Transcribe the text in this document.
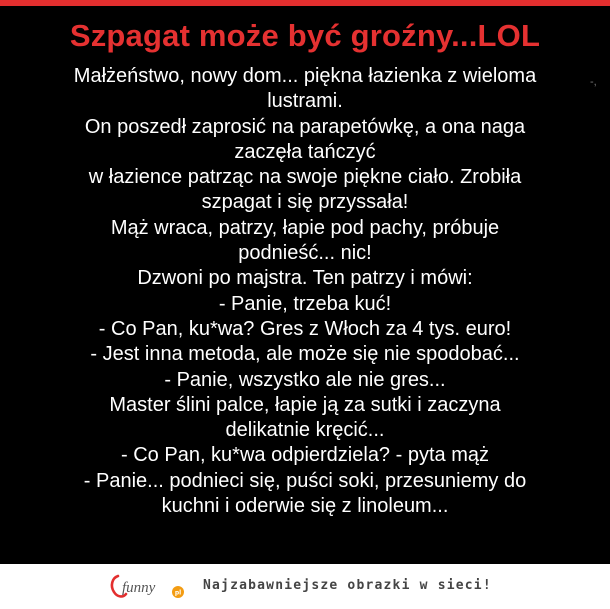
Szpagat może być groźny...LOL
Małżeństwo, nowy dom... piękna łazienka z wieloma
lustrami.
On poszedł zaprosić na parapetówkę, a ona naga
zaczęła tańczyć
w łazience patrząc na swoje piękne ciało. Zrobiła
szpagat i się przyssała!
Mąż wraca, patrzy, łapie pod pachy, próbuje
podnieść... nic!
Dzwoni po majstra. Ten patrzy i mówi:
- Panie, trzeba kuć!
- Co Pan, ku*wa? Gres z Włoch za 4 tys. euro!
- Jest inna metoda, ale może się nie spodobać...
- Panie, wszystko ale nie gres...
Master ślini palce, łapie ją za sutki i zaczyna
delikatnie kręcić...
- Co Pan, ku*wa odpierdziela? - pyta mąż
- Panie... podnieci się, puści soki, przesuniemy do
kuchni i oderwie się z linoleum...
-,
funny	pl Najzabawniejsze obrazki w sieci!
